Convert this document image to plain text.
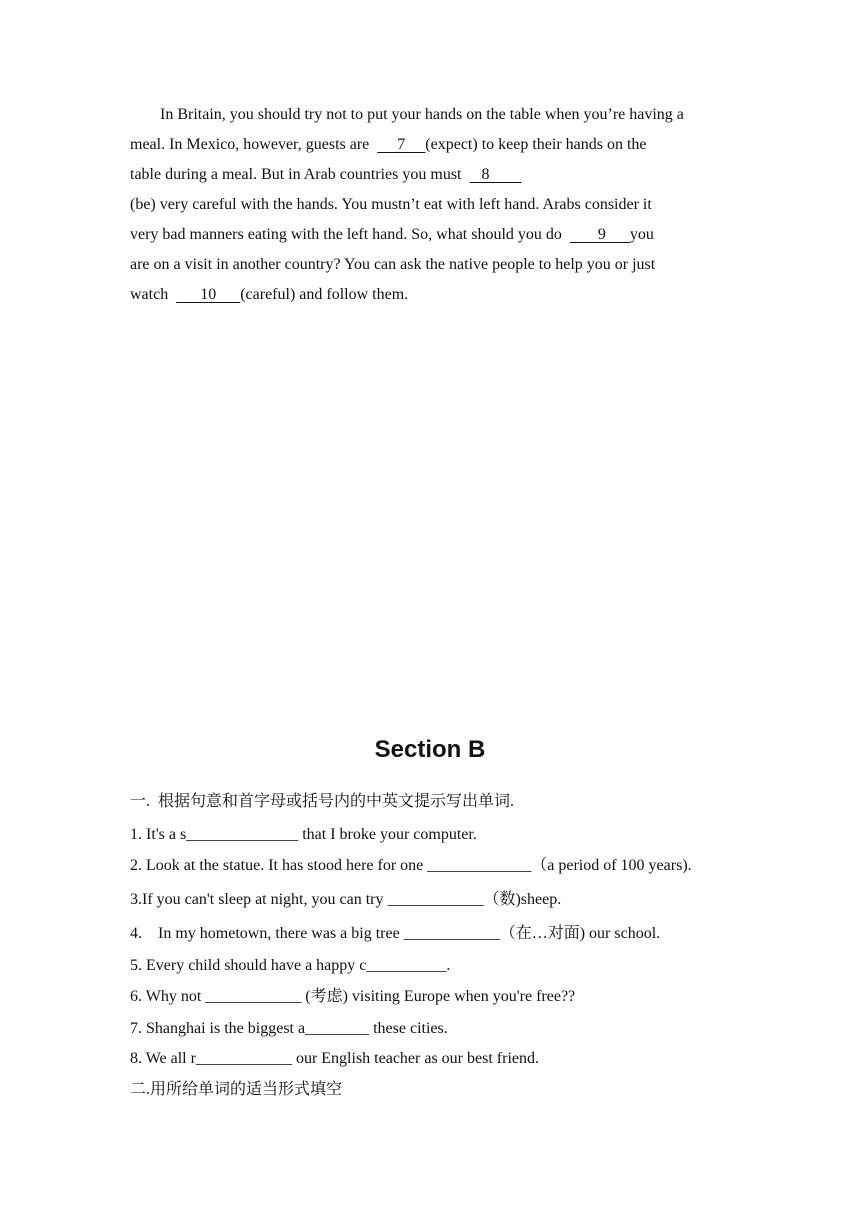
In Britain, you should try not to put your hands on the table when you’re having a
meal. In Mexico, however, guests are       7     (expect) to keep their hands on the
table during a meal. But in Arab countries you must     8
(be) very careful with the hands. You mustn’t eat with left hand. Arabs consider it
very bad manners eating with the left hand. So, what should you do         9      you
are on a visit in another country? You can ask the native people to help you or just
watch        10      (careful) and follow them.
Section B
一.  根据句意和首字母或括号内的中英文提示写出单词.
1. It's a s______________ that I broke your computer.
2. Look at the statue. It has stood here for one _____________（a period of 100 years).
3.If you can't sleep at night, you can try ____________（数)sheep.
4.    In my hometown, there was a big tree ____________（在…对面) our school.
5. Every child should have a happy c__________.
6. Why not ____________ (考虑) visiting Europe when you're free??
7. Shanghai is the biggest a________ these cities.
8. We all r____________ our English teacher as our best friend.
二.用所给单词的适当形式填空
